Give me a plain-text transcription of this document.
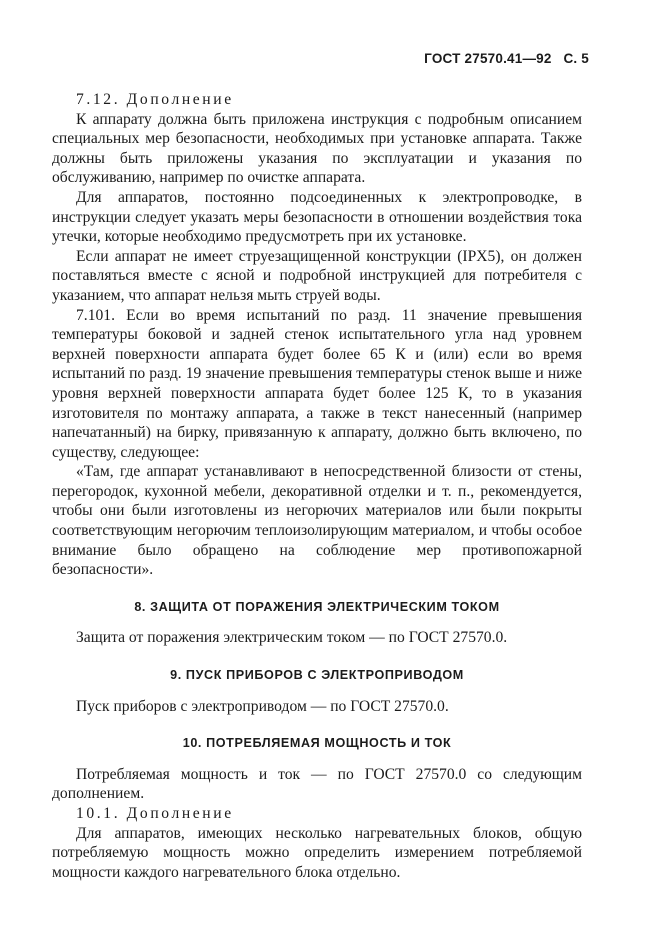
ГОСТ 27570.41—92 С. 5

7.12. Дополнение

К аппарату должна быть приложена инструкция с подробным описанием специальных мер безопасности, необходимых при установке аппарата. Также должны быть приложены указания по эксплуатации и указания по обслуживанию, например по очистке аппарата.

Для аппаратов, постоянно подсоединенных к электропроводке, в инструкции следует указать меры безопасности в отношении воздействия тока утечки, которые необходимо предусмотреть при их установке.

Если аппарат не имеет струезащищенной конструкции (IPX5), он должен поставляться вместе с ясной и подробной инструкцией для потребителя с указанием, что аппарат нельзя мыть струей воды.

7.101. Если во время испытаний по разд. 11 значение превышения температуры боковой и задней стенок испытательного угла над уровнем верхней поверхности аппарата будет более 65 К и (или) если во время испытаний по разд. 19 значение превышения температуры стенок выше и ниже уровня верхней поверхности аппарата будет более 125 К, то в указания изготовителя по монтажу аппарата, а также в текст нанесенный (например напечатанный) на бирку, привязанную к аппарату, должно быть включено, по существу, следующее:

«Там, где аппарат устанавливают в непосредственной близости от стены, перегородок, кухонной мебели, декоративной отделки и т. п., рекомендуется, чтобы они были изготовлены из негорючих материалов или были покрыты соответствующим негорючим теплоизолирующим материалом, и чтобы особое внимание было обращено на соблюдение мер противопожарной безопасности».

8. ЗАЩИТА ОТ ПОРАЖЕНИЯ ЭЛЕКТРИЧЕСКИМ ТОКОМ

Защита от поражения электрическим током — по ГОСТ 27570.0.

9. ПУСК ПРИБОРОВ С ЭЛЕКТРОПРИВОДОМ

Пуск приборов с электроприводом — по ГОСТ 27570.0.

10. ПОТРЕБЛЯЕМАЯ МОЩНОСТЬ И ТОК

Потребляемая мощность и ток — по ГОСТ 27570.0 со следующим дополнением.

10.1. Дополнение

Для аппаратов, имеющих несколько нагревательных блоков, общую потребляемую мощность можно определить измерением потребляемой мощности каждого нагревательного блока отдельно.
